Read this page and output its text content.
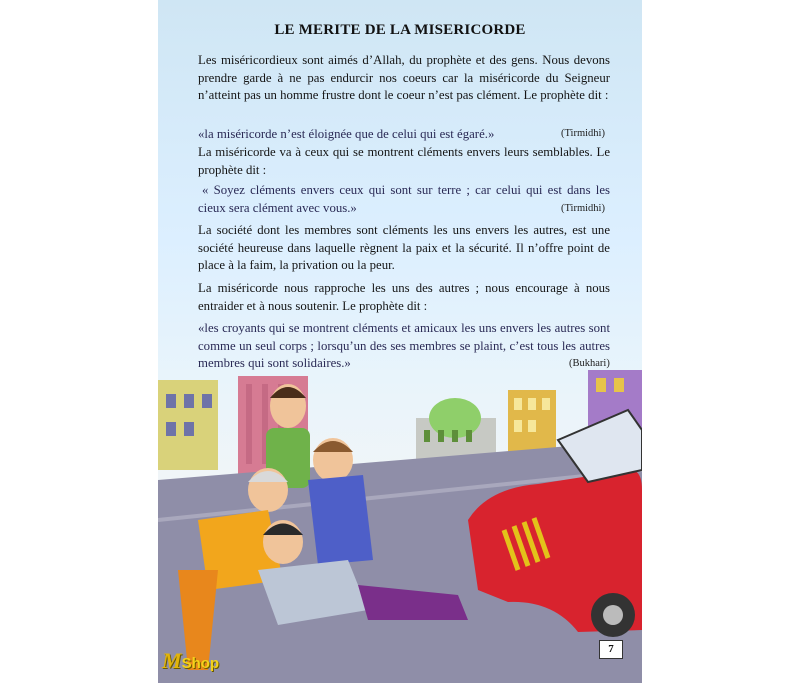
LE MERITE DE LA MISERICORDE
Les miséricordieux sont aimés d’Allah, du prophète et des gens. Nous devons prendre garde à ne pas endurcir nos coeurs car la miséricorde du Seigneur n’atteint pas un homme frustre dont le coeur n’est pas clément. Le prophète dit :
«la miséricorde n’est éloignée que de celui qui est égaré.»	(Tirmidhi)
La miséricorde va à ceux qui se montrent cléments envers leurs semblables. Le prophète dit :
« Soyez cléments envers ceux qui sont sur terre ; car celui qui est dans les cieux sera clément avec vous.»	(Tirmidhi)
La société dont les membres sont cléments les uns envers les autres, est une société heureuse dans laquelle règnent la paix et la sécurité. Il n’offre point de place à la faim, la privation ou la peur.
La miséricorde nous rapproche les uns des autres ; nous encourage à nous entraider et à nous soutenir. Le prophète dit :
«les croyants qui se montrent cléments et amicaux les uns envers les autres sont comme un seul corps ; lorsqu’un des ses membres se plaint, c’est tous les autres membres qui sont solidaires.»	(Bukhari)
7
MShop
